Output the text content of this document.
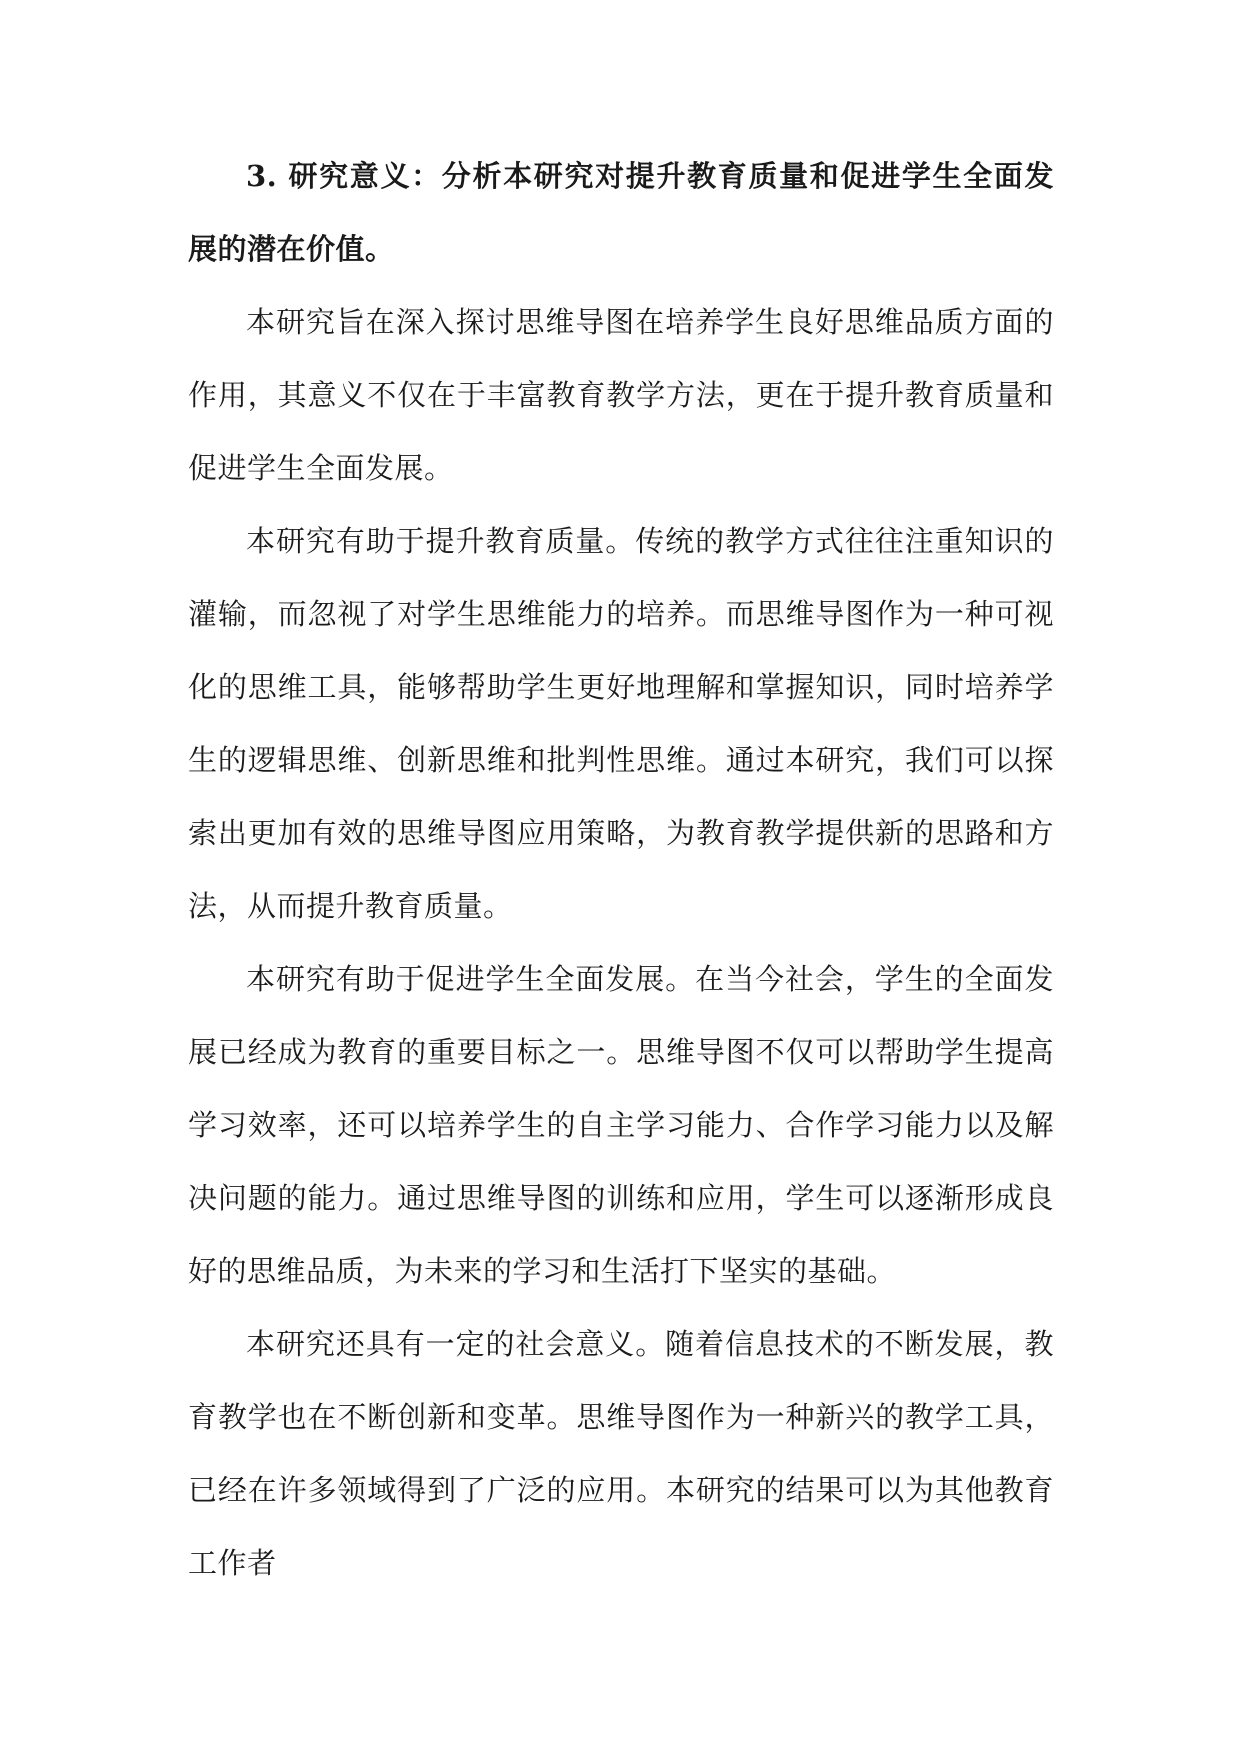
3. 研究意义：分析本研究对提升教育质量和促进学生全面发展的潜在价值。

本研究旨在深入探讨思维导图在培养学生良好思维品质方面的作用，其意义不仅在于丰富教育教学方法，更在于提升教育质量和促进学生全面发展。

本研究有助于提升教育质量。传统的教学方式往往注重知识的灌输，而忽视了对学生思维能力的培养。而思维导图作为一种可视化的思维工具，能够帮助学生更好地理解和掌握知识，同时培养学生的逻辑思维、创新思维和批判性思维。通过本研究，我们可以探索出更加有效的思维导图应用策略，为教育教学提供新的思路和方法，从而提升教育质量。

本研究有助于促进学生全面发展。在当今社会，学生的全面发展已经成为教育的重要目标之一。思维导图不仅可以帮助学生提高学习效率，还可以培养学生的自主学习能力、合作学习能力以及解决问题的能力。通过思维导图的训练和应用，学生可以逐渐形成良好的思维品质，为未来的学习和生活打下坚实的基础。

本研究还具有一定的社会意义。随着信息技术的不断发展，教育教学也在不断创新和变革。思维导图作为一种新兴的教学工具，已经在许多领域得到了广泛的应用。本研究的结果可以为其他教育工作者
